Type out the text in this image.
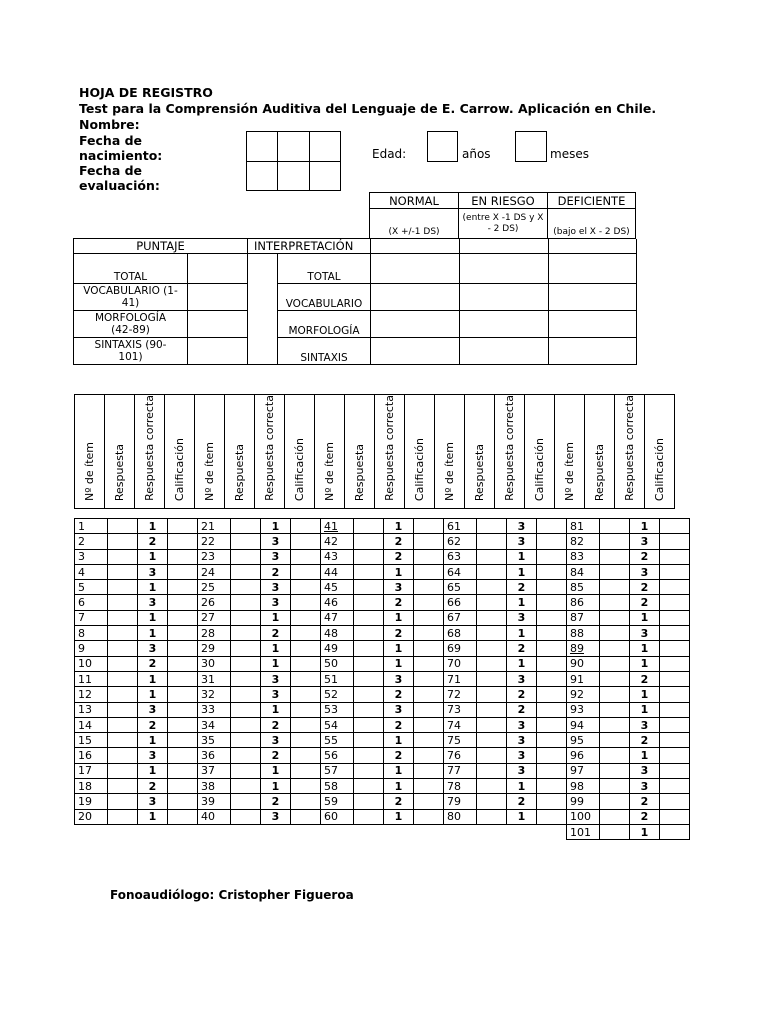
HOJA DE REGISTRO
Test para la Comprensión Auditiva del Lenguaje de E. Carrow. Aplicación en Chile.
Nombre:
Fecha de
nacimiento:
Fecha de
evaluación:

Edad:	años	meses
NORMAL	EN RIESGO	DEFICIENTE
(X +/-1 DS)	(entre X -1 DS y X - 2 DS)	(bajo el X - 2 DS)
PUNTAJE		INTERPRETACIÓN				
TOTAL			TOTAL			
VOCABULARIO (1-41)			VOCABULARIO			
MORFOLOGÍA (42-89)			MORFOLOGÍA			
SINTAXIS (90-101)			SINTAXIS			
Nº de ítem	Respuesta	Respuesta correcta	Calificación	Nº de ítem	Respuesta	Respuesta correcta	Calificación	Nº de ítem	Respuesta	Respuesta correcta	Calificación	Nº de ítem	Respuesta	Respuesta correcta	Calificación	Nº de ítem	Respuesta	Respuesta correcta	Calificación
1		1		21		1		41		1		61		3		81		1	
2		2		22		3		42		2		62		3		82		3	
3		1		23		3		43		2		63		1		83		2	
4		3		24		2		44		1		64		1		84		3	
5		1		25		3		45		3		65		2		85		2	
6		3		26		3		46		2		66		1		86		2	
7		1		27		1		47		1		67		3		87		1	
8		1		28		2		48		2		68		1		88		3	
9		3		29		1		49		1		69		2		89		1	
10		2		30		1		50		1		70		1		90		1	
11		1		31		3		51		3		71		3		91		2	
12		1		32		3		52		2		72		2		92		1	
13		3		33		1		53		3		73		2		93		1	
14		2		34		2		54		2		74		3		94		3	
15		1		35		3		55		1		75		3		95		2	
16		3		36		2		56		2		76		3		96		1	
17		1		37		1		57		1		77		3		97		3	
18		2		38		1		58		1		78		1		98		3	
19		3		39		2		59		2		79		2		99		2	
20		1		40		3		60		1		80		1		100		2	
																101		1	
Fonoaudiólogo: Cristopher Figueroa
